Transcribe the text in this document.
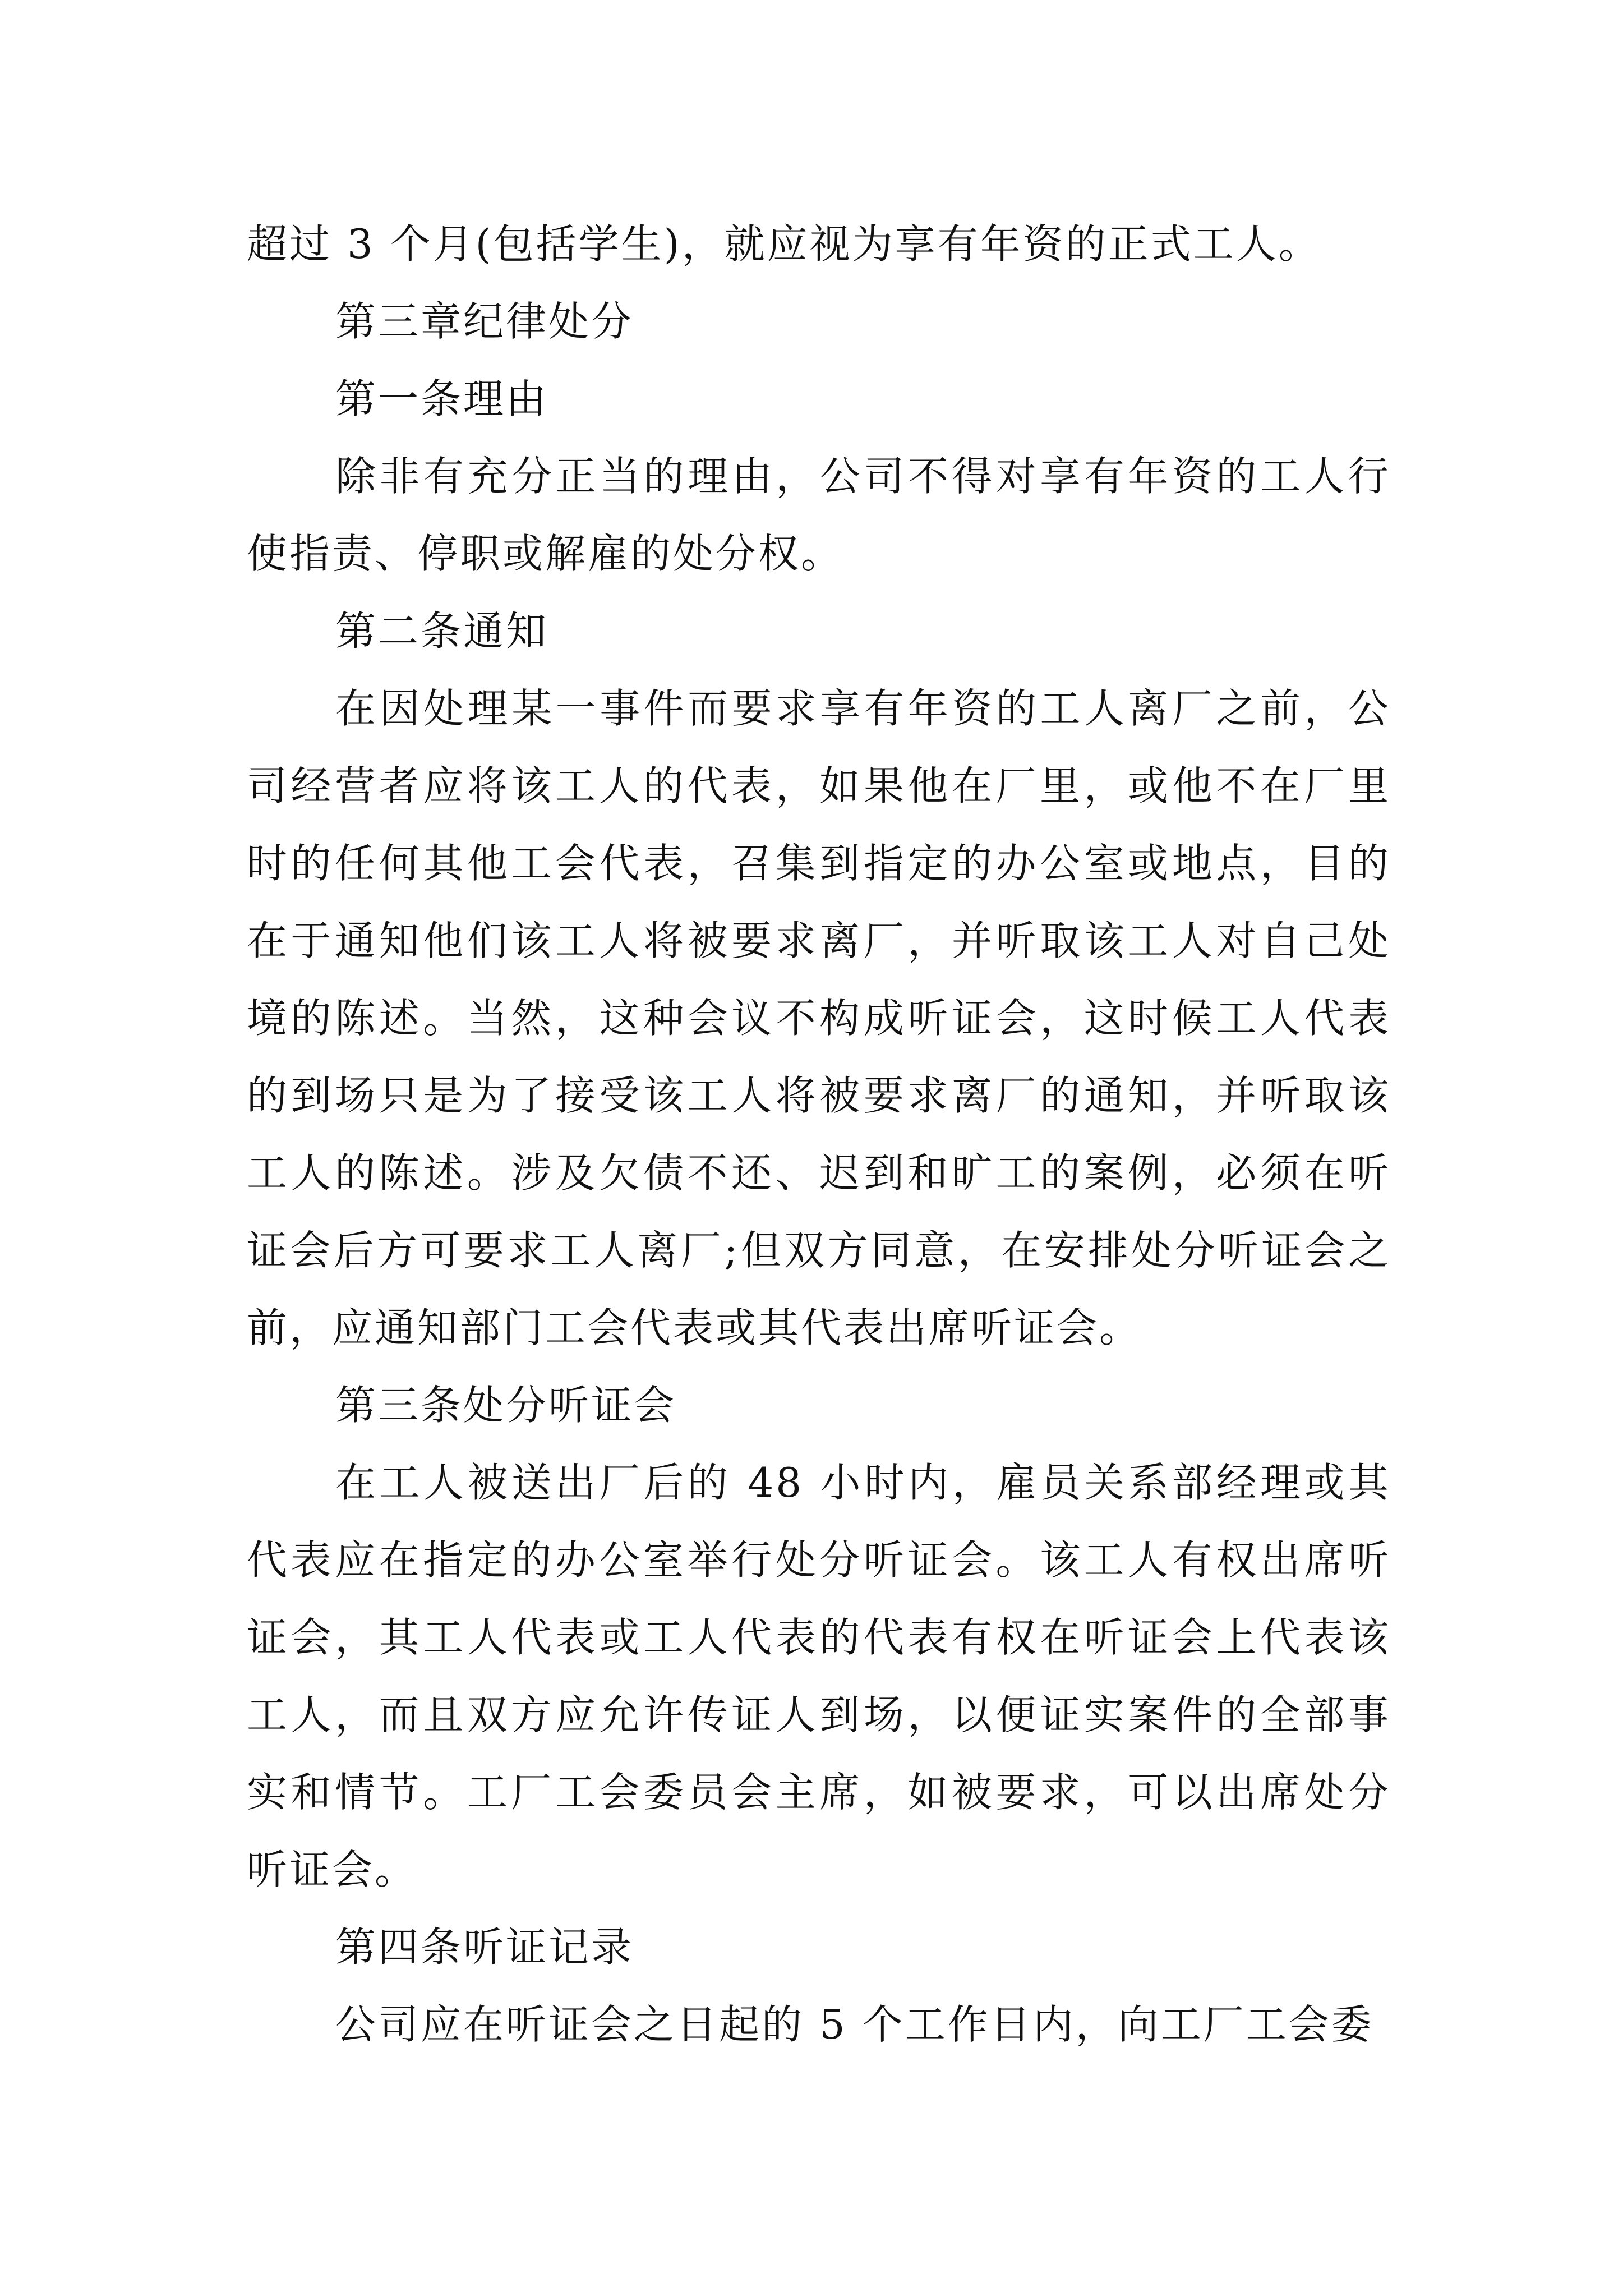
超过 3 个月(包括学生)，就应视为享有年资的正式工人。

第三章纪律处分

第一条理由

除非有充分正当的理由，公司不得对享有年资的工人行使指责、停职或解雇的处分权。

第二条通知

在因处理某一事件而要求享有年资的工人离厂之前，公司经营者应将该工人的代表，如果他在厂里，或他不在厂里时的任何其他工会代表，召集到指定的办公室或地点，目的在于通知他们该工人将被要求离厂，并听取该工人对自己处境的陈述。当然，这种会议不构成听证会，这时候工人代表的到场只是为了接受该工人将被要求离厂的通知，并听取该工人的陈述。涉及欠债不还、迟到和旷工的案例，必须在听证会后方可要求工人离厂;但双方同意，在安排处分听证会之前，应通知部门工会代表或其代表出席听证会。

第三条处分听证会

在工人被送出厂后的 48 小时内，雇员关系部经理或其代表应在指定的办公室举行处分听证会。该工人有权出席听证会，其工人代表或工人代表的代表有权在听证会上代表该工人，而且双方应允许传证人到场，以便证实案件的全部事实和情节。工厂工会委员会主席，如被要求，可以出席处分听证会。

第四条听证记录

公司应在听证会之日起的 5 个工作日内，向工厂工会委
